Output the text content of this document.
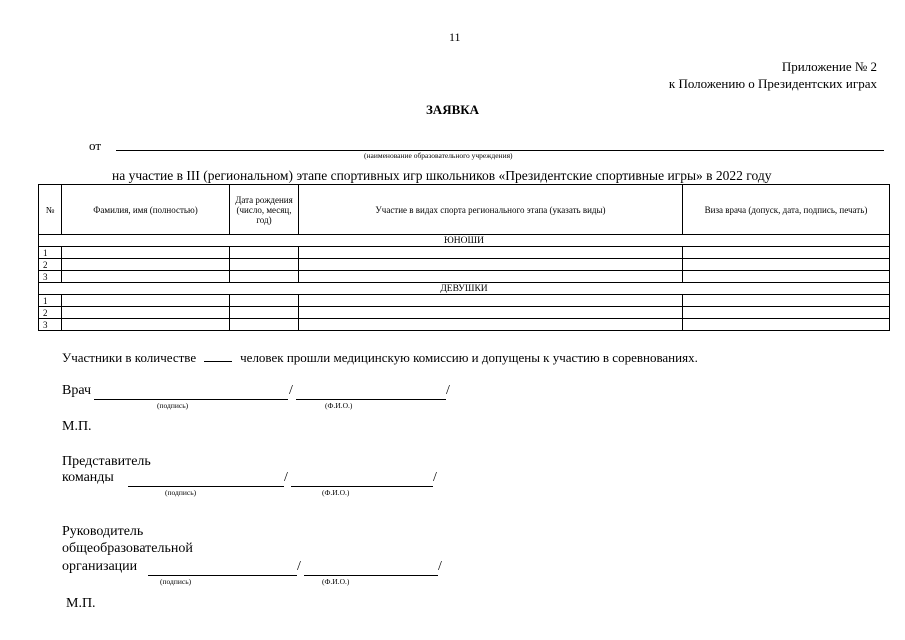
11
Приложение № 2
к Положению о Президентских играх
ЗАЯВКА
от
(наименование образовательного учреждения)
на участие в III (региональном) этапе спортивных игр школьников «Президентские спортивные игры» в 2022 году
№	Фамилия, имя (полностью)	Дата рождения (число, месяц, год)	Участие в видах спорта регионального этапа (указать виды)	Виза врача (допуск, дата, подпись, печать)
ЮНОШИ				
1				
2				
3				
ДЕВУШКИ				
1				
2				
3				
Участники в количестве	человек прошли медицинскую комиссию и допущены к участию в соревнованиях.
Врач	/	/
(подпись)	(Ф.И.О.)
М.П.
Представитель
команды	/	/
(подпись)	(Ф.И.О.)
Руководитель
общеобразовательной
организации	/	/
(подпись)	(Ф.И.О.)
М.П.
